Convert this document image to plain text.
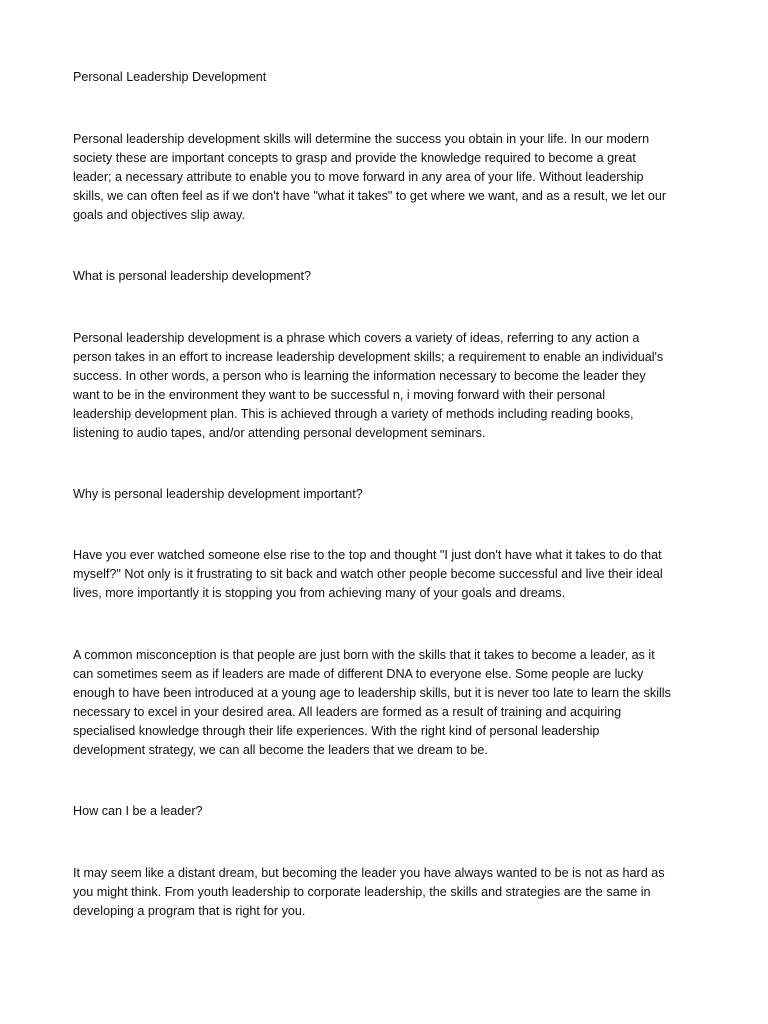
Personal Leadership Development

Personal leadership development skills will determine the success you obtain in your life. In our modern
society these are important concepts to grasp and provide the knowledge required to become a great
leader; a necessary attribute to enable you to move forward in any area of your life. Without leadership
skills, we can often feel as if we don't have "what it takes" to get where we want, and as a result, we let our
goals and objectives slip away.

What is personal leadership development?

Personal leadership development is a phrase which covers a variety of ideas, referring to any action a
person takes in an effort to increase leadership development skills; a requirement to enable an individual's
success. In other words, a person who is learning the information necessary to become the leader they
want to be in the environment they want to be successful n, i moving forward with their personal
leadership development plan. This is achieved through a variety of methods including reading books,
listening to audio tapes, and/or attending personal development seminars.

Why is personal leadership development important?

Have you ever watched someone else rise to the top and thought "I just don't have what it takes to do that
myself?" Not only is it frustrating to sit back and watch other people become successful and live their ideal
lives, more importantly it is stopping you from achieving many of your goals and dreams.

A common misconception is that people are just born with the skills that it takes to become a leader, as it
can sometimes seem as if leaders are made of different DNA to everyone else. Some people are lucky
enough to have been introduced at a young age to leadership skills, but it is never too late to learn the skills
necessary to excel in your desired area. All leaders are formed as a result of training and acquiring
specialised knowledge through their life experiences. With the right kind of personal leadership
development strategy, we can all become the leaders that we dream to be.

How can I be a leader?

It may seem like a distant dream, but becoming the leader you have always wanted to be is not as hard as
you might think. From youth leadership to corporate leadership, the skills and strategies are the same in
developing a program that is right for you.
